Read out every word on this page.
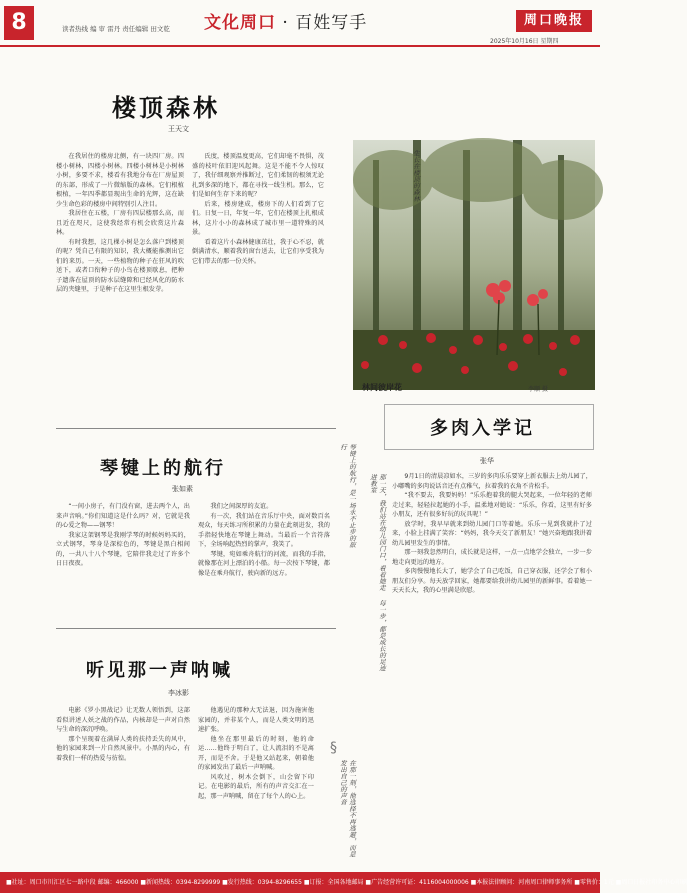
8	读者热线 编 审 雷丹 责任编辑 田文乾 文化周口 · 百姓写手	周口晚报
2025年10月16日 星期四
楼顶森林
王天文

在我居住的楼房北侧，有一块四厂房。四楼小树林，四楼小树林。四楼小树林是小树林小树，多要不求，楼看有我地分布在厂房屋顶的东部，形成了一片微缩版的森林。它们根植根植，一年四季都显现出生命的光辉，这在缺少生命色彩的楼房中间特别引人注目。

我居住在五楼，厂房有四层楼那么高，而且近在咫尺，这使我经常有机会欣赏这片森林。

有时我想，这几棵小树是怎么落户到楼顶的呢？凭自己有限的知识，我大概能推测出它们的来历。一天，一些植物的种子在狂风的吹送下，或者口衔种子的小鸟在楼顶歇息，把种子遗落在屋顶的防水层缝隙和已经风化的防水层的夹缝里，于是种子在这里生根发芽。

氏度，楼顶温度更高，它们却毫不畏惧，茂盛的枝叶依旧迎风起舞。这是不能不令人惊叹了，我仔细观察并推断过，它们柔韧的根须无论扎到多深的地下，都在寻找一线生机。那么，它们是如何生存下来的呢？

后来，楼房建成，楼房下的人们看到了它们。日复一日，年复一年，它们在楼顶上扎根成林，这片小小的森林成了城市里一道特殊的风景。

看着这片小森林健康茁壮，我于心不忍，就倒满清水，顺着我的窗台送去，让它们享受我为它们带去的那一份关怀。

生长在楼顶的森林
林间彼岸花	李顺 摄
琴键上的航行
张如素	琴键上的航行，是一场永不止步的旅行

“一间小房子，有门没有窗，进去两个人，出来声音响。”你们知道这是什么吗？对，它就是我的心爱之物——钢琴！

我家这架钢琴是我刚学琴的时候妈妈买的，立式钢琴，琴身是深棕色的，琴键是黑白相间的，一共八十八个琴键，它陪伴我走过了许多个日日夜夜。

我们之间深厚的友谊。

有一次，我们站在音乐厅中央，面对数百名观众，每天练习所积累的力量在此刻迸发，我的手指轻快地在琴键上舞动。当最后一个音符落下，全场响起热烈的掌声，我笑了。

琴键，宛如乘舟航行的河流，而我的手指，就像那在河上漂泊的小船。每一次按下琴键，都像是在乘舟航行，驶向新的远方。

听见那一声呐喊
李冰影
§
在那一刻，他选择不再逃避，而是发出自己的声音

电影《罗小黑战记》让无数人领悟到，这部看似讲述人妖之战的作品，内核却是一声对自然与生命的深沉呼唤。

那个呈现着在满屏人类的扶持丢失的风中，他的家园来到一片自然风景中。小黑的内心，有着我们一样的热爱与彷徨。

他遇见的那种大无法退，因为施害他家园的，并非某个人，而是人类文明的迅速扩张。

他坐在那里最后的时刻，他的命运……他终于明白了，让人流泪的不是离开，而是不舍。于是他又站起来，朝着他的家园发出了最后一声呐喊。

风吹过，树木会倒下，山会留下印记。在电影的最后，所有的声音交汇在一起，那一声呐喊，留在了每个人的心上。

多肉入学记
张华
那一天，我们站在幼儿园门口，看着她走进教室
每一步，都是成长的足迹

9月1日的清晨凉如水，三岁的多肉乐乐要穿上新衣服去上幼儿园了，小嘟嘴的多肉说话音还有点稚气，拉着我的衣角不肯松手。

“我不要去，我要妈妈！”乐乐抱着我的腿大哭起来，一位年轻的老师走过来，轻轻拉起她的小手，温柔地对她说：“乐乐，你看，这里有好多小朋友，还有很多好玩的玩具呢！”

放学时，我早早就来到幼儿园门口等着她。乐乐一见到我就扑了过来，小脸上挂满了笑容：“妈妈，我今天交了新朋友！”她兴奋地跟我讲着幼儿园里发生的事情。

那一刻我忽然明白，成长就是这样，一点一点地学会独立，一步一步地走向更远的地方。

多肉慢慢地长大了，她学会了自己吃饭，自己穿衣服，还学会了和小朋友们分享。每天放学回家，她都要给我讲幼儿园里的新鲜事。看着她一天天长大，我的心里满是欣慰。

■社址：周口市川汇区七一路中段 邮编：466000 ■新闻热线：0394-8299999 ■发行热线：0394-8296655 ■订报：全国各地邮局 ■广告经营许可证：4116004000006 ■本报法律顾问：河南周口律师事务所 ■零售价：1元 ■周口日报社印务中心印刷
